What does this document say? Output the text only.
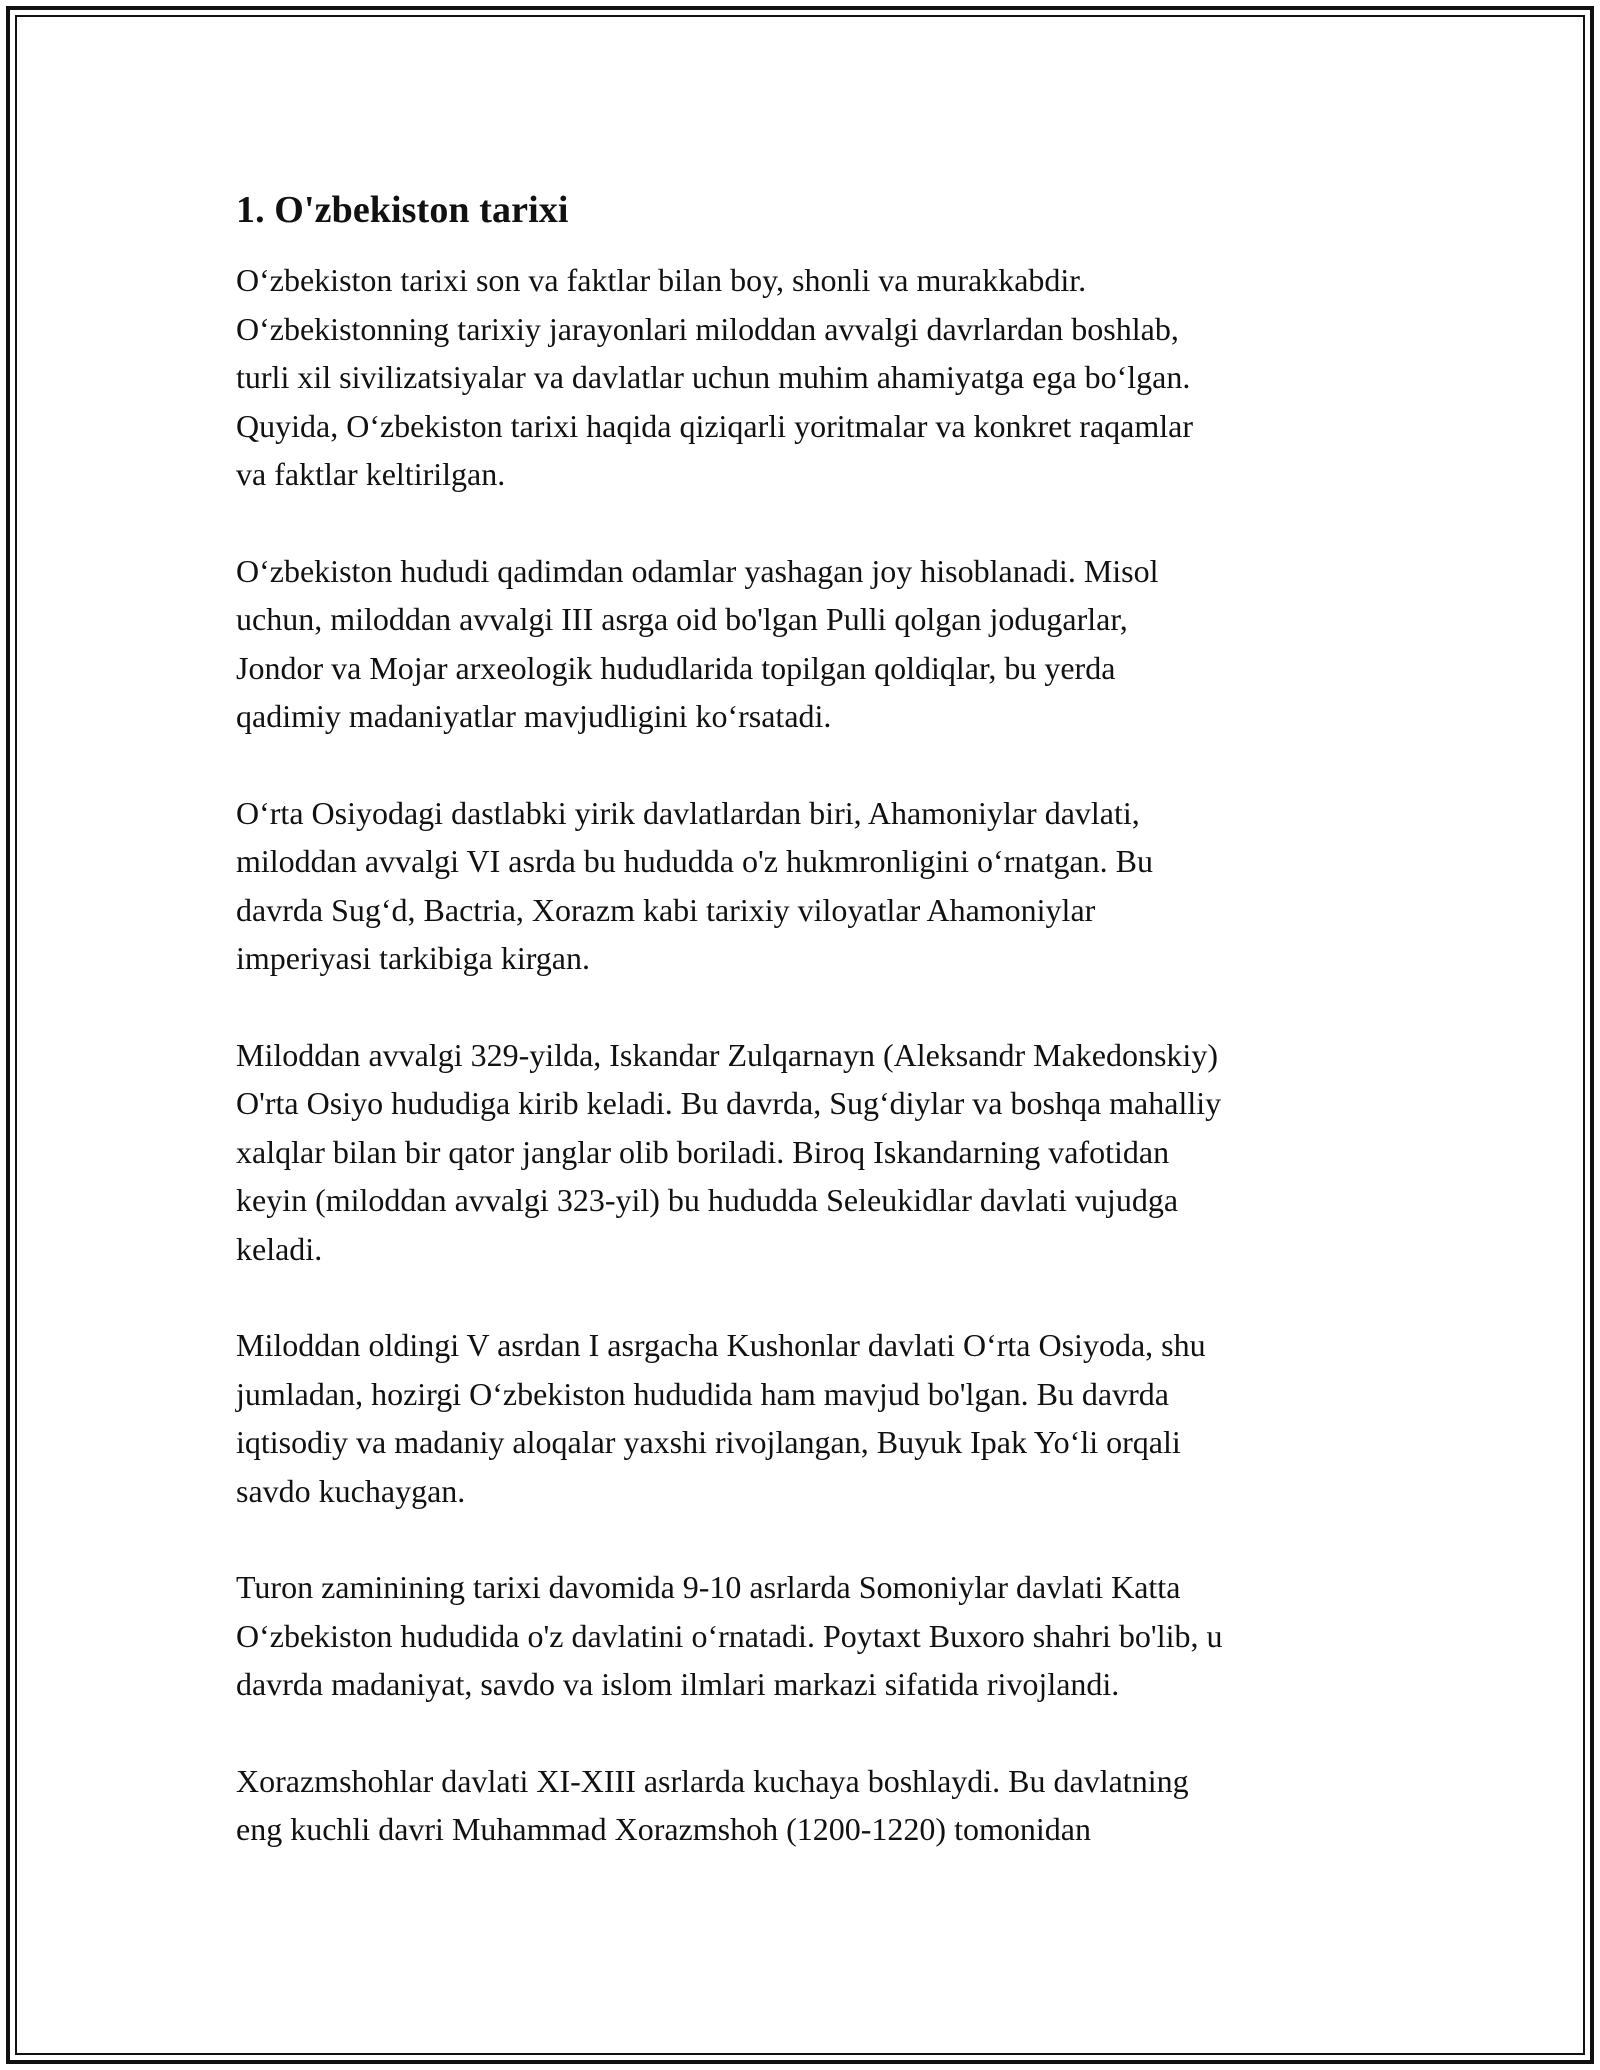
1. O'zbekiston tarixi

O‘zbekiston tarixi son va faktlar bilan boy, shonli va murakkabdir.
O‘zbekistonning tarixiy jarayonlari miloddan avvalgi davrlardan boshlab,
turli xil sivilizatsiyalar va davlatlar uchun muhim ahamiyatga ega bo‘lgan.
Quyida, O‘zbekiston tarixi haqida qiziqarli yoritmalar va konkret raqamlar
va faktlar keltirilgan.

O‘zbekiston hududi qadimdan odamlar yashagan joy hisoblanadi. Misol
uchun, miloddan avvalgi III asrga oid bo'lgan Pulli qolgan jodugarlar,
Jondor va Mojar arxeologik hududlarida topilgan qoldiqlar, bu yerda
qadimiy madaniyatlar mavjudligini ko‘rsatadi.

O‘rta Osiyodagi dastlabki yirik davlatlardan biri, Ahamoniylar davlati,
miloddan avvalgi VI asrda bu hududda o'z hukmronligini o‘rnatgan. Bu
davrda Sug‘d, Bactria, Xorazm kabi tarixiy viloyatlar Ahamoniylar
imperiyasi tarkibiga kirgan.

Miloddan avvalgi 329-yilda, Iskandar Zulqarnayn (Aleksandr Makedonskiy)
O'rta Osiyo hududiga kirib keladi. Bu davrda, Sug‘diylar va boshqa mahalliy
xalqlar bilan bir qator janglar olib boriladi. Biroq Iskandarning vafotidan
keyin (miloddan avvalgi 323-yil) bu hududda Seleukidlar davlati vujudga
keladi.

Miloddan oldingi V asrdan I asrgacha Kushonlar davlati O‘rta Osiyoda, shu
jumladan, hozirgi O‘zbekiston hududida ham mavjud bo'lgan. Bu davrda
iqtisodiy va madaniy aloqalar yaxshi rivojlangan, Buyuk Ipak Yo‘li orqali
savdo kuchaygan.

Turon zaminining tarixi davomida 9-10 asrlarda Somoniylar davlati Katta
O‘zbekiston hududida o'z davlatini o‘rnatadi. Poytaxt Buxoro shahri bo'lib, u
davrda madaniyat, savdo va islom ilmlari markazi sifatida rivojlandi.

Xorazmshohlar davlati XI-XIII asrlarda kuchaya boshlaydi. Bu davlatning
eng kuchli davri Muhammad Xorazmshoh (1200-1220) tomonidan
